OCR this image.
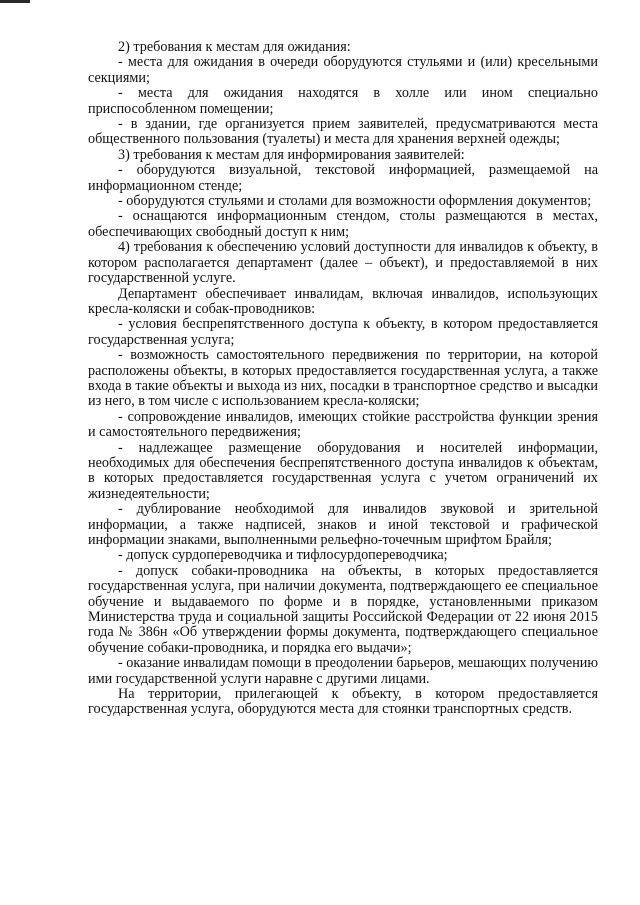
2) требования к местам для ожидания:

- места для ожидания в очереди оборудуются стульями и (или) кресельными секциями;

- места для ожидания находятся в холле или ином специально приспособленном помещении;

- в здании, где организуется прием заявителей, предусматриваются места общественного пользования (туалеты) и места для хранения верхней одежды;

3) требования к местам для информирования заявителей:

- оборудуются визуальной, текстовой информацией, размещаемой на информационном стенде;

- оборудуются стульями и столами для возможности оформления документов;

- оснащаются информационным стендом, столы размещаются в местах, обеспечивающих свободный доступ к ним;

4) требования к обеспечению условий доступности для инвалидов к объекту, в котором располагается департамент (далее – объект), и предоставляемой в них государственной услуге.

Департамент обеспечивает инвалидам, включая инвалидов, использующих кресла-коляски и собак-проводников:

- условия беспрепятственного доступа к объекту, в котором предоставляется государственная услуга;

- возможность самостоятельного передвижения по территории, на которой расположены объекты, в которых предоставляется государственная услуга, а также входа в такие объекты и выхода из них, посадки в транспортное средство и высадки из него, в том числе с использованием кресла-коляски;

- сопровождение инвалидов, имеющих стойкие расстройства функции зрения и самостоятельного передвижения;

- надлежащее размещение оборудования и носителей информации, необходимых для обеспечения беспрепятственного доступа инвалидов к объектам, в которых предоставляется государственная услуга с учетом ограничений их жизнедеятельности;

- дублирование необходимой для инвалидов звуковой и зрительной информации, а также надписей, знаков и иной текстовой и графической информации знаками, выполненными рельефно-точечным шрифтом Брайля;

- допуск сурдопереводчика и тифлосурдопереводчика;

- допуск собаки-проводника на объекты, в которых предоставляется государственная услуга, при наличии документа, подтверждающего ее специальное обучение и выдаваемого по форме и в порядке, установленными приказом Министерства труда и социальной защиты Российской Федерации от 22 июня 2015 года № 386н «Об утверждении формы документа, подтверждающего специальное обучение собаки-проводника, и порядка его выдачи»;

- оказание инвалидам помощи в преодолении барьеров, мешающих получению ими государственной услуги наравне с другими лицами.

На территории, прилегающей к объекту, в котором предоставляется государственная услуга, оборудуются места для стоянки транспортных средств.
